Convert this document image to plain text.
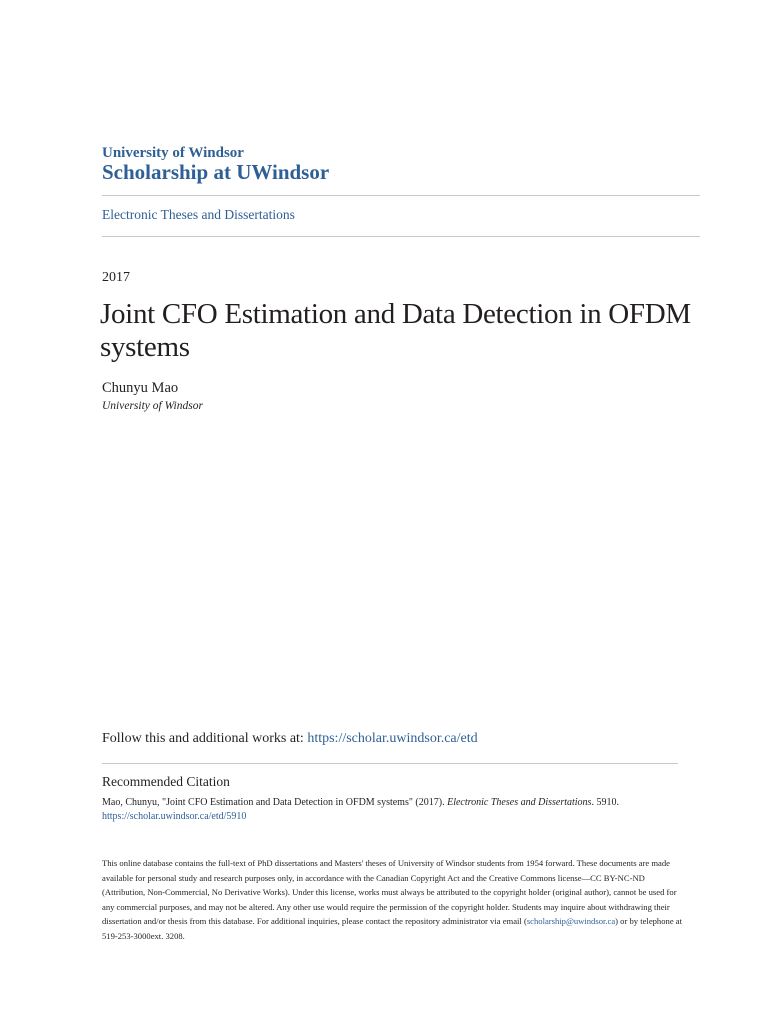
University of Windsor
Scholarship at UWindsor
Electronic Theses and Dissertations
2017
Joint CFO Estimation and Data Detection in OFDM systems
Chunyu Mao
University of Windsor
Follow this and additional works at: https://scholar.uwindsor.ca/etd
Recommended Citation
Mao, Chunyu, "Joint CFO Estimation and Data Detection in OFDM systems" (2017). Electronic Theses and Dissertations. 5910.
https://scholar.uwindsor.ca/etd/5910
This online database contains the full-text of PhD dissertations and Masters' theses of University of Windsor students from 1954 forward. These documents are made available for personal study and research purposes only, in accordance with the Canadian Copyright Act and the Creative Commons license—CC BY-NC-ND (Attribution, Non-Commercial, No Derivative Works). Under this license, works must always be attributed to the copyright holder (original author), cannot be used for any commercial purposes, and may not be altered. Any other use would require the permission of the copyright holder. Students may inquire about withdrawing their dissertation and/or thesis from this database. For additional inquiries, please contact the repository administrator via email (scholarship@uwindsor.ca) or by telephone at 519-253-3000ext. 3208.
